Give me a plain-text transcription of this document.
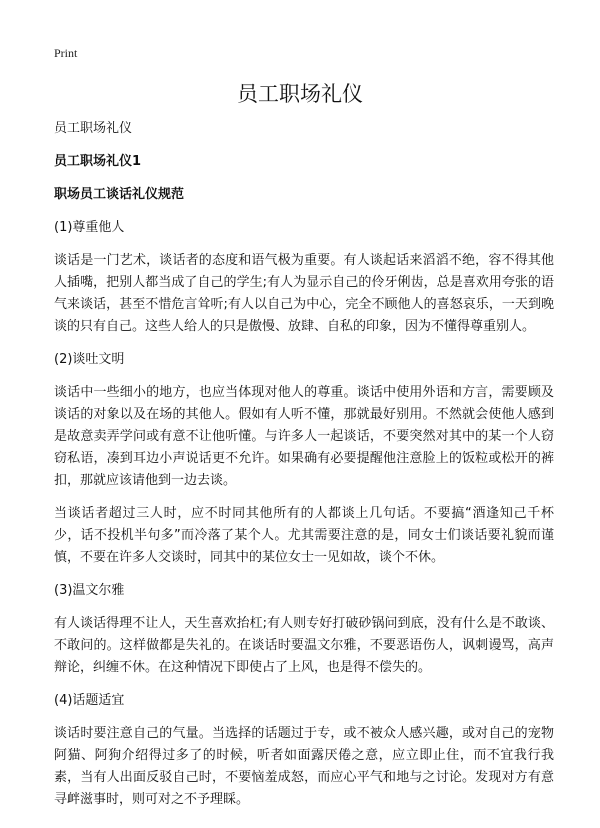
Print
员工职场礼仪

员工职场礼仪

员工职场礼仪1

职场员工谈话礼仪规范

(1)尊重他人

谈话是一门艺术，谈话者的态度和语气极为重要。有人谈起话来滔滔不绝，容不得其他人插嘴，把别人都当成了自己的学生;有人为显示自己的伶牙俐齿，总是喜欢用夸张的语气来谈话，甚至不惜危言耸听;有人以自己为中心，完全不顾他人的喜怒哀乐，一天到晚谈的只有自己。这些人给人的只是傲慢、放肆、自私的印象，因为不懂得尊重别人。

(2)谈吐文明

谈话中一些细小的地方，也应当体现对他人的尊重。谈话中使用外语和方言，需要顾及谈话的对象以及在场的其他人。假如有人听不懂，那就最好别用。不然就会使他人感到是故意卖弄学问或有意不让他听懂。与许多人一起谈话，不要突然对其中的某一个人窃窃私语，凑到耳边小声说话更不允许。如果确有必要提醒他注意脸上的饭粒或松开的裤扣，那就应该请他到一边去谈。

当谈话者超过三人时，应不时同其他所有的人都谈上几句话。不要搞“酒逢知己千杯少，话不投机半句多”而冷落了某个人。尤其需要注意的是，同女士们谈话要礼貌而谨慎，不要在许多人交谈时，同其中的某位女士一见如故，谈个不休。

(3)温文尔雅

有人谈话得理不让人，天生喜欢抬杠;有人则专好打破砂锅问到底，没有什么是不敢谈、不敢问的。这样做都是失礼的。在谈话时要温文尔雅，不要恶语伤人，讽刺谩骂，高声辩论，纠缠不休。在这种情况下即使占了上风，也是得不偿失的。

(4)话题适宜

谈话时要注意自己的气量。当选择的话题过于专，或不被众人感兴趣，或对自己的宠物阿猫、阿狗介绍得过多了的时候，听者如面露厌倦之意，应立即止住，而不宜我行我素，当有人出面反驳自己时，不要恼羞成怒，而应心平气和地与之讨论。发现对方有意寻衅滋事时，则可对之不予理睬。
